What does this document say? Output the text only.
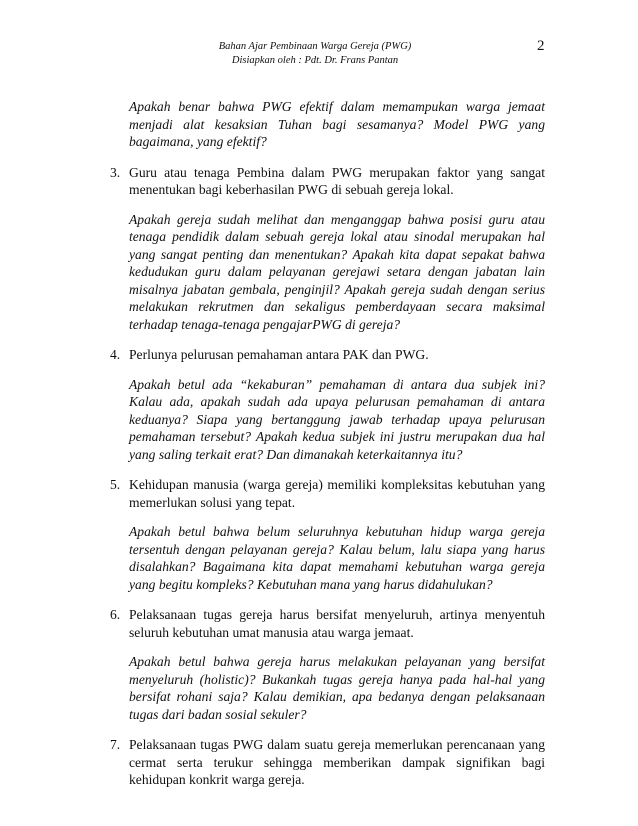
Bahan Ajar Pembinaan Warga Gereja (PWG)
Disiapkan oleh : Pdt. Dr. Frans Pantan
2

Apakah benar bahwa PWG efektif dalam memampukan warga jemaat menjadi alat kesaksian Tuhan bagi sesamanya? Model PWG yang bagaimana, yang efektif?

3. Guru atau tenaga Pembina dalam PWG merupakan faktor yang sangat menentukan bagi keberhasilan PWG di sebuah gereja lokal.

Apakah gereja sudah melihat dan menganggap bahwa posisi guru atau tenaga pendidik dalam sebuah gereja lokal atau sinodal merupakan hal yang sangat penting dan menentukan? Apakah kita dapat sepakat bahwa kedudukan guru dalam pelayanan gerejawi setara dengan jabatan lain misalnya jabatan gembala, penginjil? Apakah gereja sudah dengan serius melakukan rekrutmen dan sekaligus pemberdayaan secara maksimal terhadap tenaga-tenaga pengajarPWG di gereja?

4. Perlunya pelurusan pemahaman antara PAK dan PWG.

Apakah betul ada “kekaburan” pemahaman di antara dua subjek ini? Kalau ada, apakah sudah ada upaya pelurusan pemahaman di antara keduanya? Siapa yang bertanggung jawab terhadap upaya pelurusan pemahaman tersebut? Apakah kedua subjek ini justru merupakan dua hal yang saling terkait erat? Dan dimanakah keterkaitannya itu?

5. Kehidupan manusia (warga gereja) memiliki kompleksitas kebutuhan yang memerlukan solusi yang tepat.

Apakah betul bahwa belum seluruhnya kebutuhan hidup warga gereja tersentuh dengan pelayanan gereja? Kalau belum, lalu siapa yang harus disalahkan? Bagaimana kita dapat memahami kebutuhan warga gereja yang begitu kompleks? Kebutuhan mana yang harus didahulukan?

6. Pelaksanaan tugas gereja harus bersifat menyeluruh, artinya menyentuh seluruh kebutuhan umat manusia atau warga jemaat.

Apakah betul bahwa gereja harus melakukan pelayanan yang bersifat menyeluruh (holistic)? Bukankah tugas gereja hanya pada hal-hal yang bersifat rohani saja? Kalau demikian, apa bedanya dengan pelaksanaan tugas dari badan sosial sekuler?

7. Pelaksanaan tugas PWG dalam suatu gereja memerlukan perencanaan yang cermat serta terukur sehingga memberikan dampak signifikan bagi kehidupan konkrit warga gereja.
